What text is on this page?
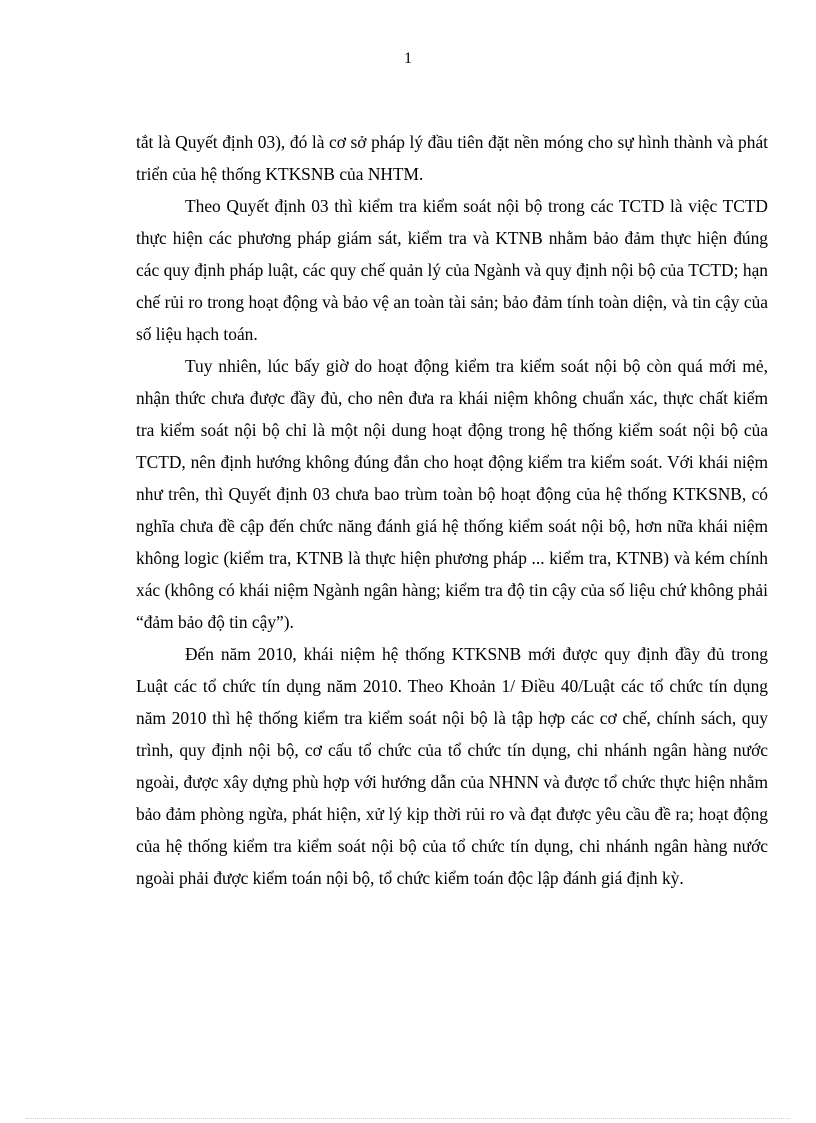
1

tắt là Quyết định 03), đó là cơ sở pháp lý đầu tiên đặt nền móng cho sự hình thành và phát triển của hệ thống KTKSNB của NHTM.

Theo Quyết định 03 thì kiểm tra kiểm soát nội bộ trong các TCTD là việc TCTD thực hiện các phương pháp giám sát, kiểm tra và KTNB nhằm bảo đảm thực hiện đúng các quy định pháp luật, các quy chế quản lý của Ngành và quy định nội bộ của TCTD; hạn chế rủi ro trong hoạt động và bảo vệ an toàn tài sản; bảo đảm tính toàn diện, và tin cậy của số liệu hạch toán.

Tuy nhiên, lúc bấy giờ do hoạt động kiểm tra kiểm soát nội bộ còn quá mới mẻ, nhận thức chưa được đầy đủ, cho nên đưa ra khái niệm không chuẩn xác, thực chất kiểm tra kiểm soát nội bộ chỉ là một nội dung hoạt động trong hệ thống kiểm soát nội bộ của TCTD, nên định hướng không đúng đắn cho hoạt động kiểm tra kiểm soát. Với khái niệm như trên, thì Quyết định 03 chưa bao trùm toàn bộ hoạt động của hệ thống KTKSNB, có nghĩa chưa đề cập đến chức năng đánh giá hệ thống kiểm soát nội bộ, hơn nữa khái niệm không logic (kiểm tra, KTNB là thực hiện phương pháp ... kiểm tra, KTNB) và kém chính xác (không có khái niệm Ngành ngân hàng; kiểm tra độ tin cậy của số liệu chứ không phải “đảm bảo độ tin cậy”).

Đến năm 2010, khái niệm hệ thống KTKSNB mới được quy định đầy đủ trong Luật các tổ chức tín dụng năm 2010. Theo Khoản 1/ Điều 40/Luật các tổ chức tín dụng năm 2010 thì hệ thống kiểm tra kiểm soát nội bộ là tập hợp các cơ chế, chính sách, quy trình, quy định nội bộ, cơ cấu tổ chức của tổ chức tín dụng, chi nhánh ngân hàng nước ngoài, được xây dựng phù hợp với hướng dẫn của NHNN và được tổ chức thực hiện nhằm bảo đảm phòng ngừa, phát hiện, xử lý kịp thời rủi ro và đạt được yêu cầu đề ra; hoạt động của hệ thống kiểm tra kiểm soát nội bộ của tổ chức tín dụng, chi nhánh ngân hàng nước ngoài phải được kiểm toán nội bộ, tổ chức kiểm toán độc lập đánh giá định kỳ.
